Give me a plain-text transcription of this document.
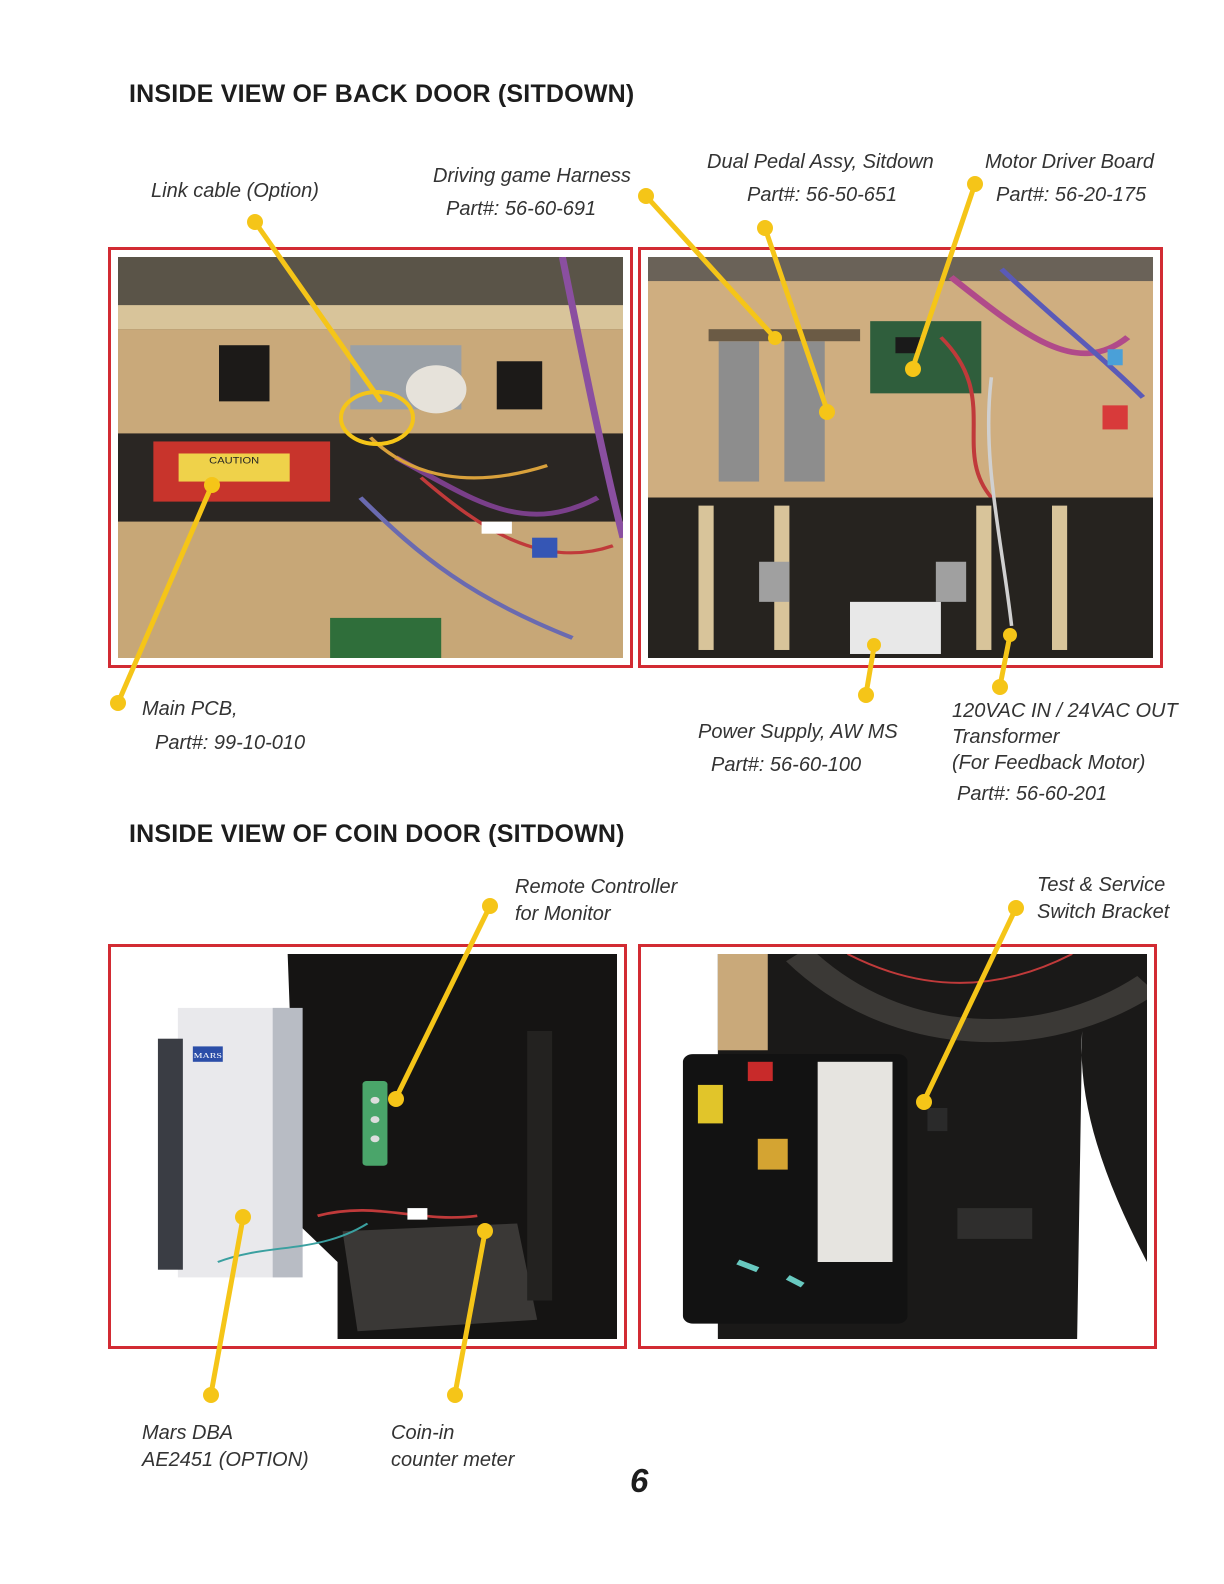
INSIDE VIEW OF BACK DOOR (SITDOWN)
INSIDE VIEW OF COIN DOOR (SITDOWN)
Link cable (Option)
Driving game Harness
Part#: 56-60-691
Dual Pedal Assy, Sitdown
Part#: 56-50-651
Motor Driver Board
Part#: 56-20-175
Main PCB,
Part#: 99-10-010	Power Supply, AW MS
Part#: 56-60-100
120VAC IN / 24VAC OUT
Transformer
(For Feedback Motor)
Part#: 56-60-201
Remote Controller
for Monitor
Test & Service
Switch Bracket
Mars DBA
AE2451 (OPTION)
Coin-in
counter meter
CAUTION
MARS
6
